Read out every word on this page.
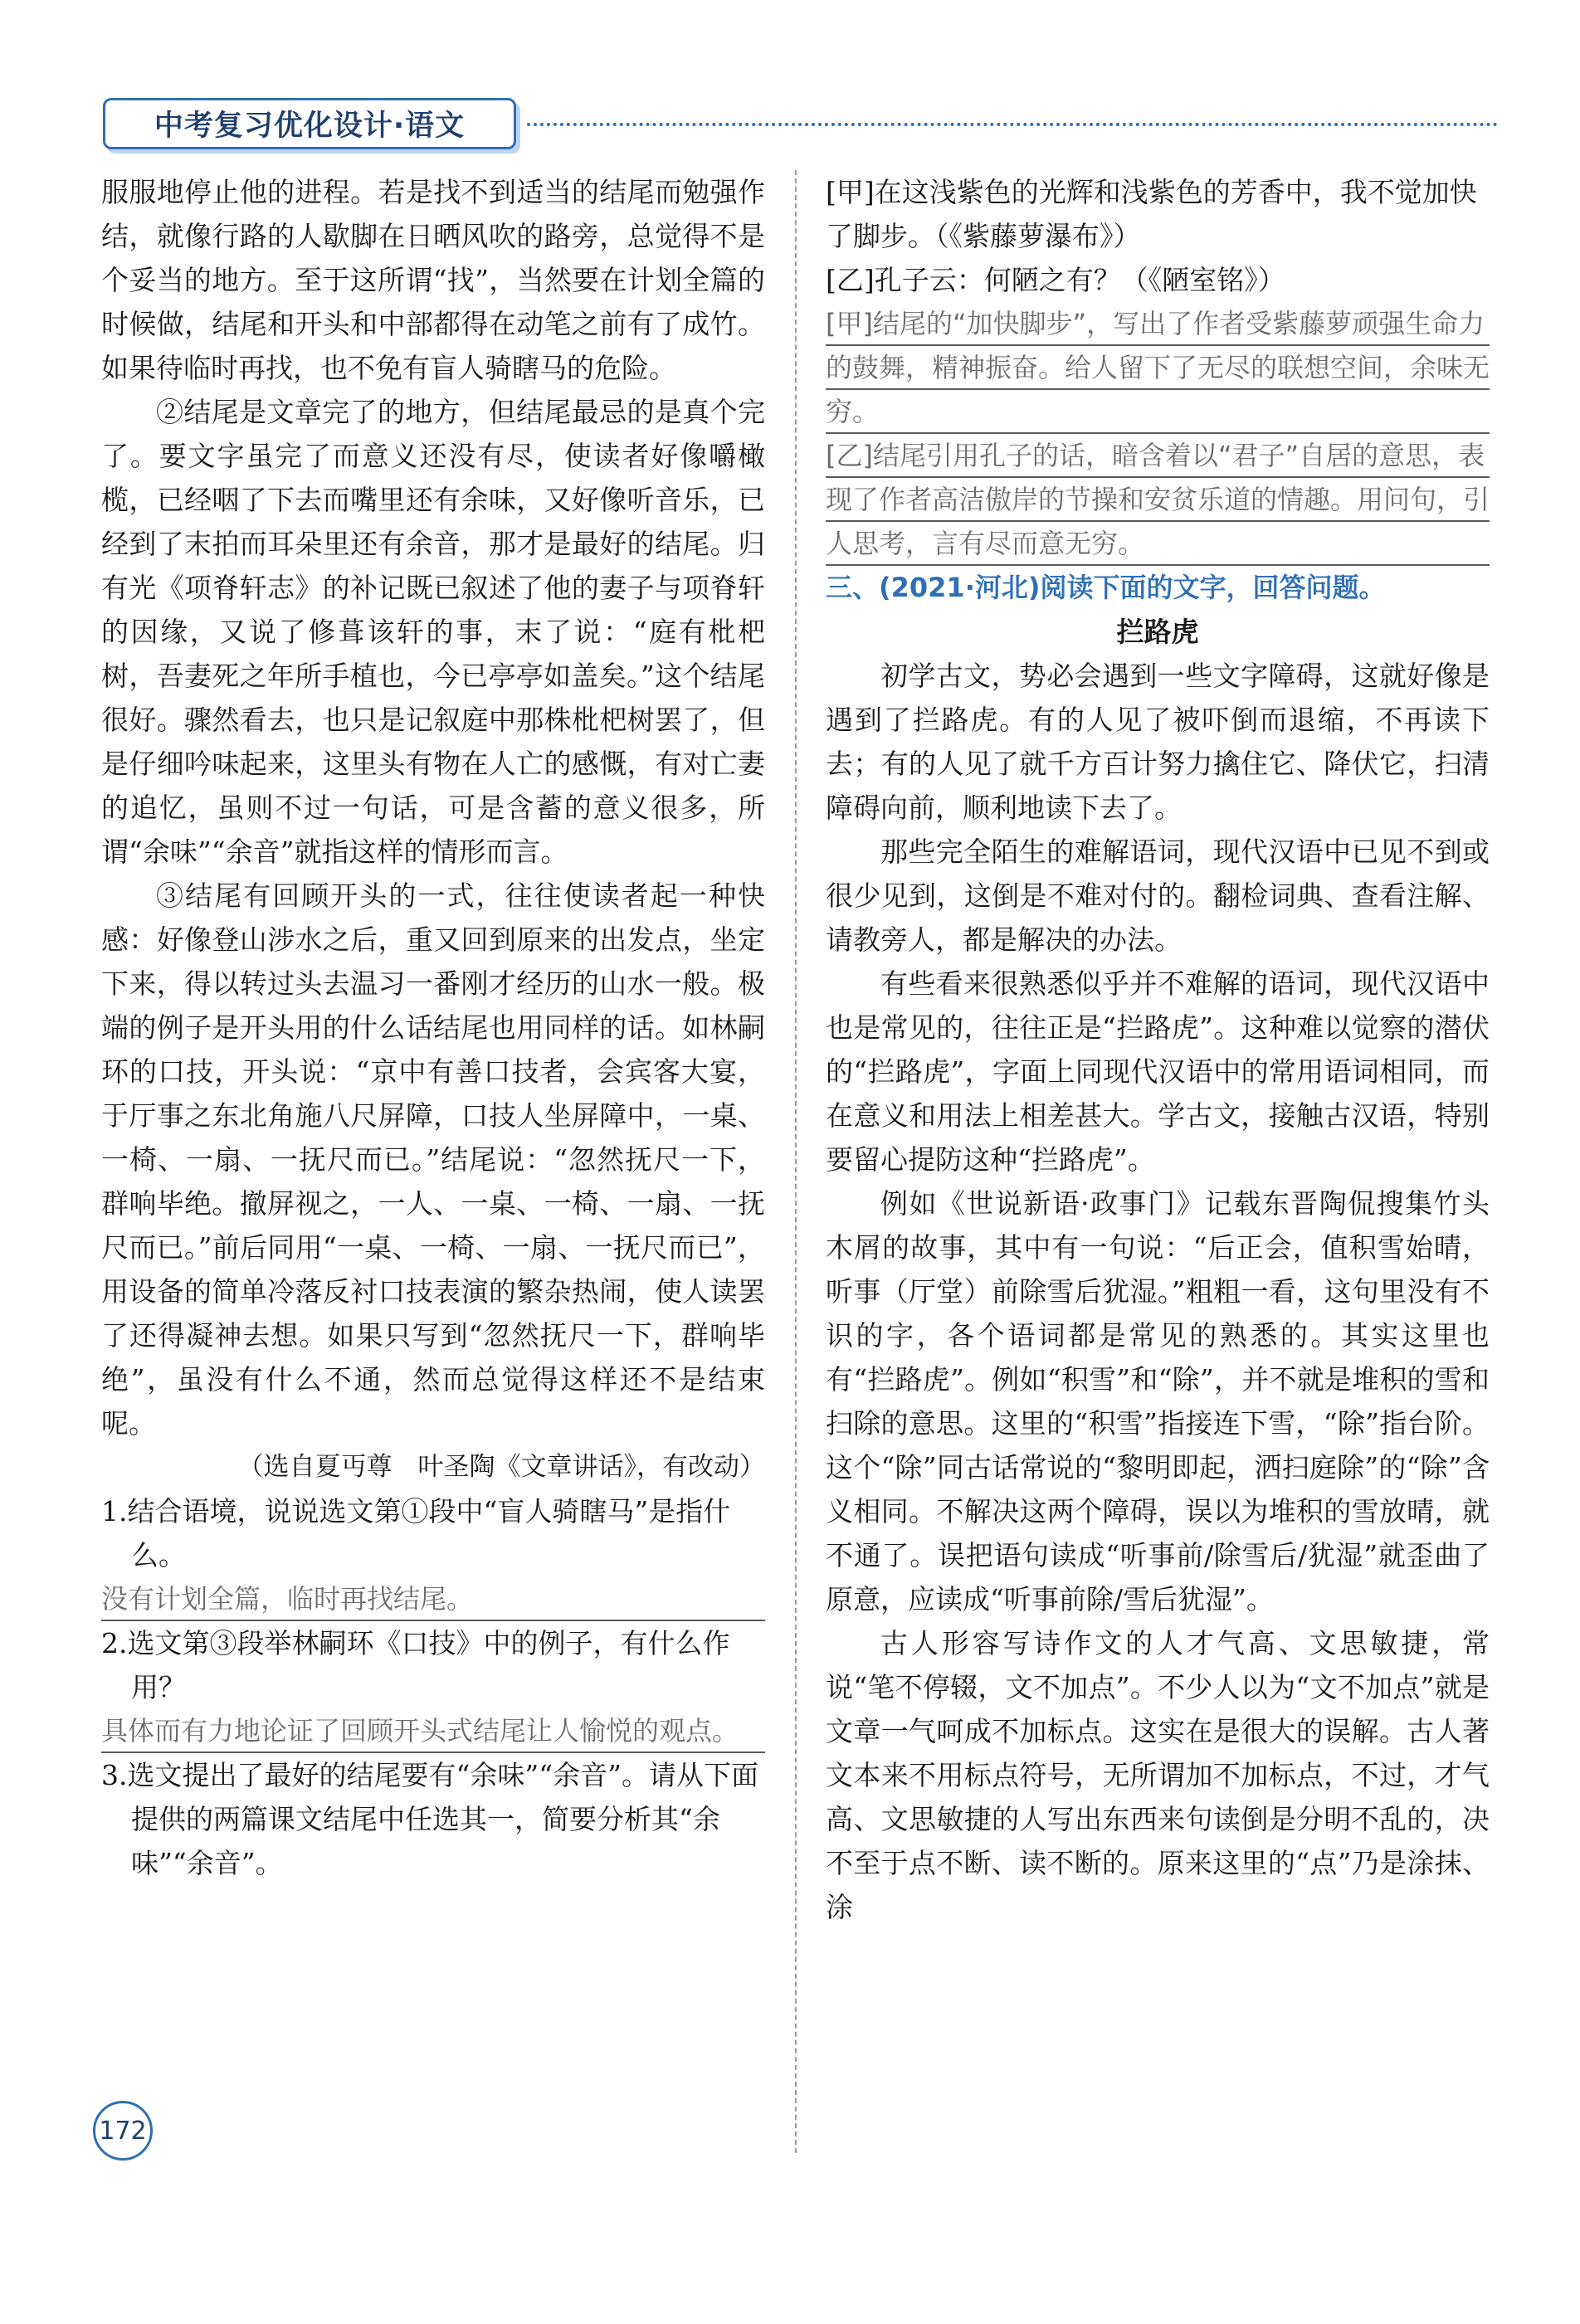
中考复习优化设计·语文

服服地停止他的进程。若是找不到适当的结尾而勉强作结，就像行路的人歇脚在日晒风吹的路旁，总觉得不是个妥当的地方。至于这所谓“找”，当然要在计划全篇的时候做，结尾和开头和中部都得在动笔之前有了成竹。如果待临时再找，也不免有盲人骑瞎马的危险。

②结尾是文章完了的地方，但结尾最忌的是真个完了。要文字虽完了而意义还没有尽，使读者好像嚼橄榄，已经咽了下去而嘴里还有余味，又好像听音乐，已经到了末拍而耳朵里还有余音，那才是最好的结尾。归有光《项脊轩志》的补记既已叙述了他的妻子与项脊轩的因缘，又说了修葺该轩的事，末了说：“庭有枇杷树，吾妻死之年所手植也，今已亭亭如盖矣。”这个结尾很好。骤然看去，也只是记叙庭中那株枇杷树罢了，但是仔细吟味起来，这里头有物在人亡的感慨，有对亡妻的追忆，虽则不过一句话，可是含蓄的意义很多，所谓“余味”“余音”就指这样的情形而言。

③结尾有回顾开头的一式，往往使读者起一种快感：好像登山涉水之后，重又回到原来的出发点，坐定下来，得以转过头去温习一番刚才经历的山水一般。极端的例子是开头用的什么话结尾也用同样的话。如林嗣环的口技，开头说：“京中有善口技者，会宾客大宴，于厅事之东北角施八尺屏障，口技人坐屏障中，一桌、一椅、一扇、一抚尺而已。”结尾说：“忽然抚尺一下，群响毕绝。撤屏视之，一人、一桌、一椅、一扇、一抚尺而已。”前后同用“一桌、一椅、一扇、一抚尺而已”，用设备的简单冷落反衬口技表演的繁杂热闹，使人读罢了还得凝神去想。如果只写到“忽然抚尺一下，群响毕绝”，虽没有什么不通，然而总觉得这样还不是结束呢。

（选自夏丏尊　叶圣陶《文章讲话》，有改动）

1.结合语境，说说选文第①段中“盲人骑瞎马”是指什么。

没有计划全篇，临时再找结尾。

2.选文第③段举林嗣环《口技》中的例子，有什么作用？

具体而有力地论证了回顾开头式结尾让人愉悦的观点。

3.选文提出了最好的结尾要有“余味”“余音”。请从下面提供的两篇课文结尾中任选其一，简要分析其“余味”“余音”。

[甲]在这浅紫色的光辉和浅紫色的芳香中，我不觉加快了脚步。（《紫藤萝瀑布》）

[乙]孔子云：何陋之有？（《陋室铭》）

[甲]结尾的“加快脚步”，写出了作者受紫藤萝顽强生命力的鼓舞，精神振奋。给人留下了无尽的联想空间，余味无穷。

[乙]结尾引用孔子的话，暗含着以“君子”自居的意思，表现了作者高洁傲岸的节操和安贫乐道的情趣。用问句，引人思考，言有尽而意无穷。

三、(2021·河北)阅读下面的文字，回答问题。

拦路虎

初学古文，势必会遇到一些文字障碍，这就好像是遇到了拦路虎。有的人见了被吓倒而退缩，不再读下去；有的人见了就千方百计努力擒住它、降伏它，扫清障碍向前，顺利地读下去了。

那些完全陌生的难解语词，现代汉语中已见不到或很少见到，这倒是不难对付的。翻检词典、查看注解、请教旁人，都是解决的办法。

有些看来很熟悉似乎并不难解的语词，现代汉语中也是常见的，往往正是“拦路虎”。这种难以觉察的潜伏的“拦路虎”，字面上同现代汉语中的常用语词相同，而在意义和用法上相差甚大。学古文，接触古汉语，特别要留心提防这种“拦路虎”。

例如《世说新语·政事门》记载东晋陶侃搜集竹头木屑的故事，其中有一句说：“后正会，值积雪始晴，听事（厅堂）前除雪后犹湿。”粗粗一看，这句里没有不识的字，各个语词都是常见的熟悉的。其实这里也有“拦路虎”。例如“积雪”和“除”，并不就是堆积的雪和扫除的意思。这里的“积雪”指接连下雪，“除”指台阶。这个“除”同古话常说的“黎明即起，洒扫庭除”的“除”含义相同。不解决这两个障碍，误以为堆积的雪放晴，就不通了。误把语句读成“听事前/除雪后/犹湿”就歪曲了原意，应读成“听事前除/雪后犹湿”。

古人形容写诗作文的人才气高、文思敏捷，常说“笔不停辍，文不加点”。不少人以为“文不加点”就是文章一气呵成不加标点。这实在是很大的误解。古人著文本来不用标点符号，无所谓加不加标点，不过，才气高、文思敏捷的人写出东西来句读倒是分明不乱的，决不至于点不断、读不断的。原来这里的“点”乃是涂抹、涂

172
